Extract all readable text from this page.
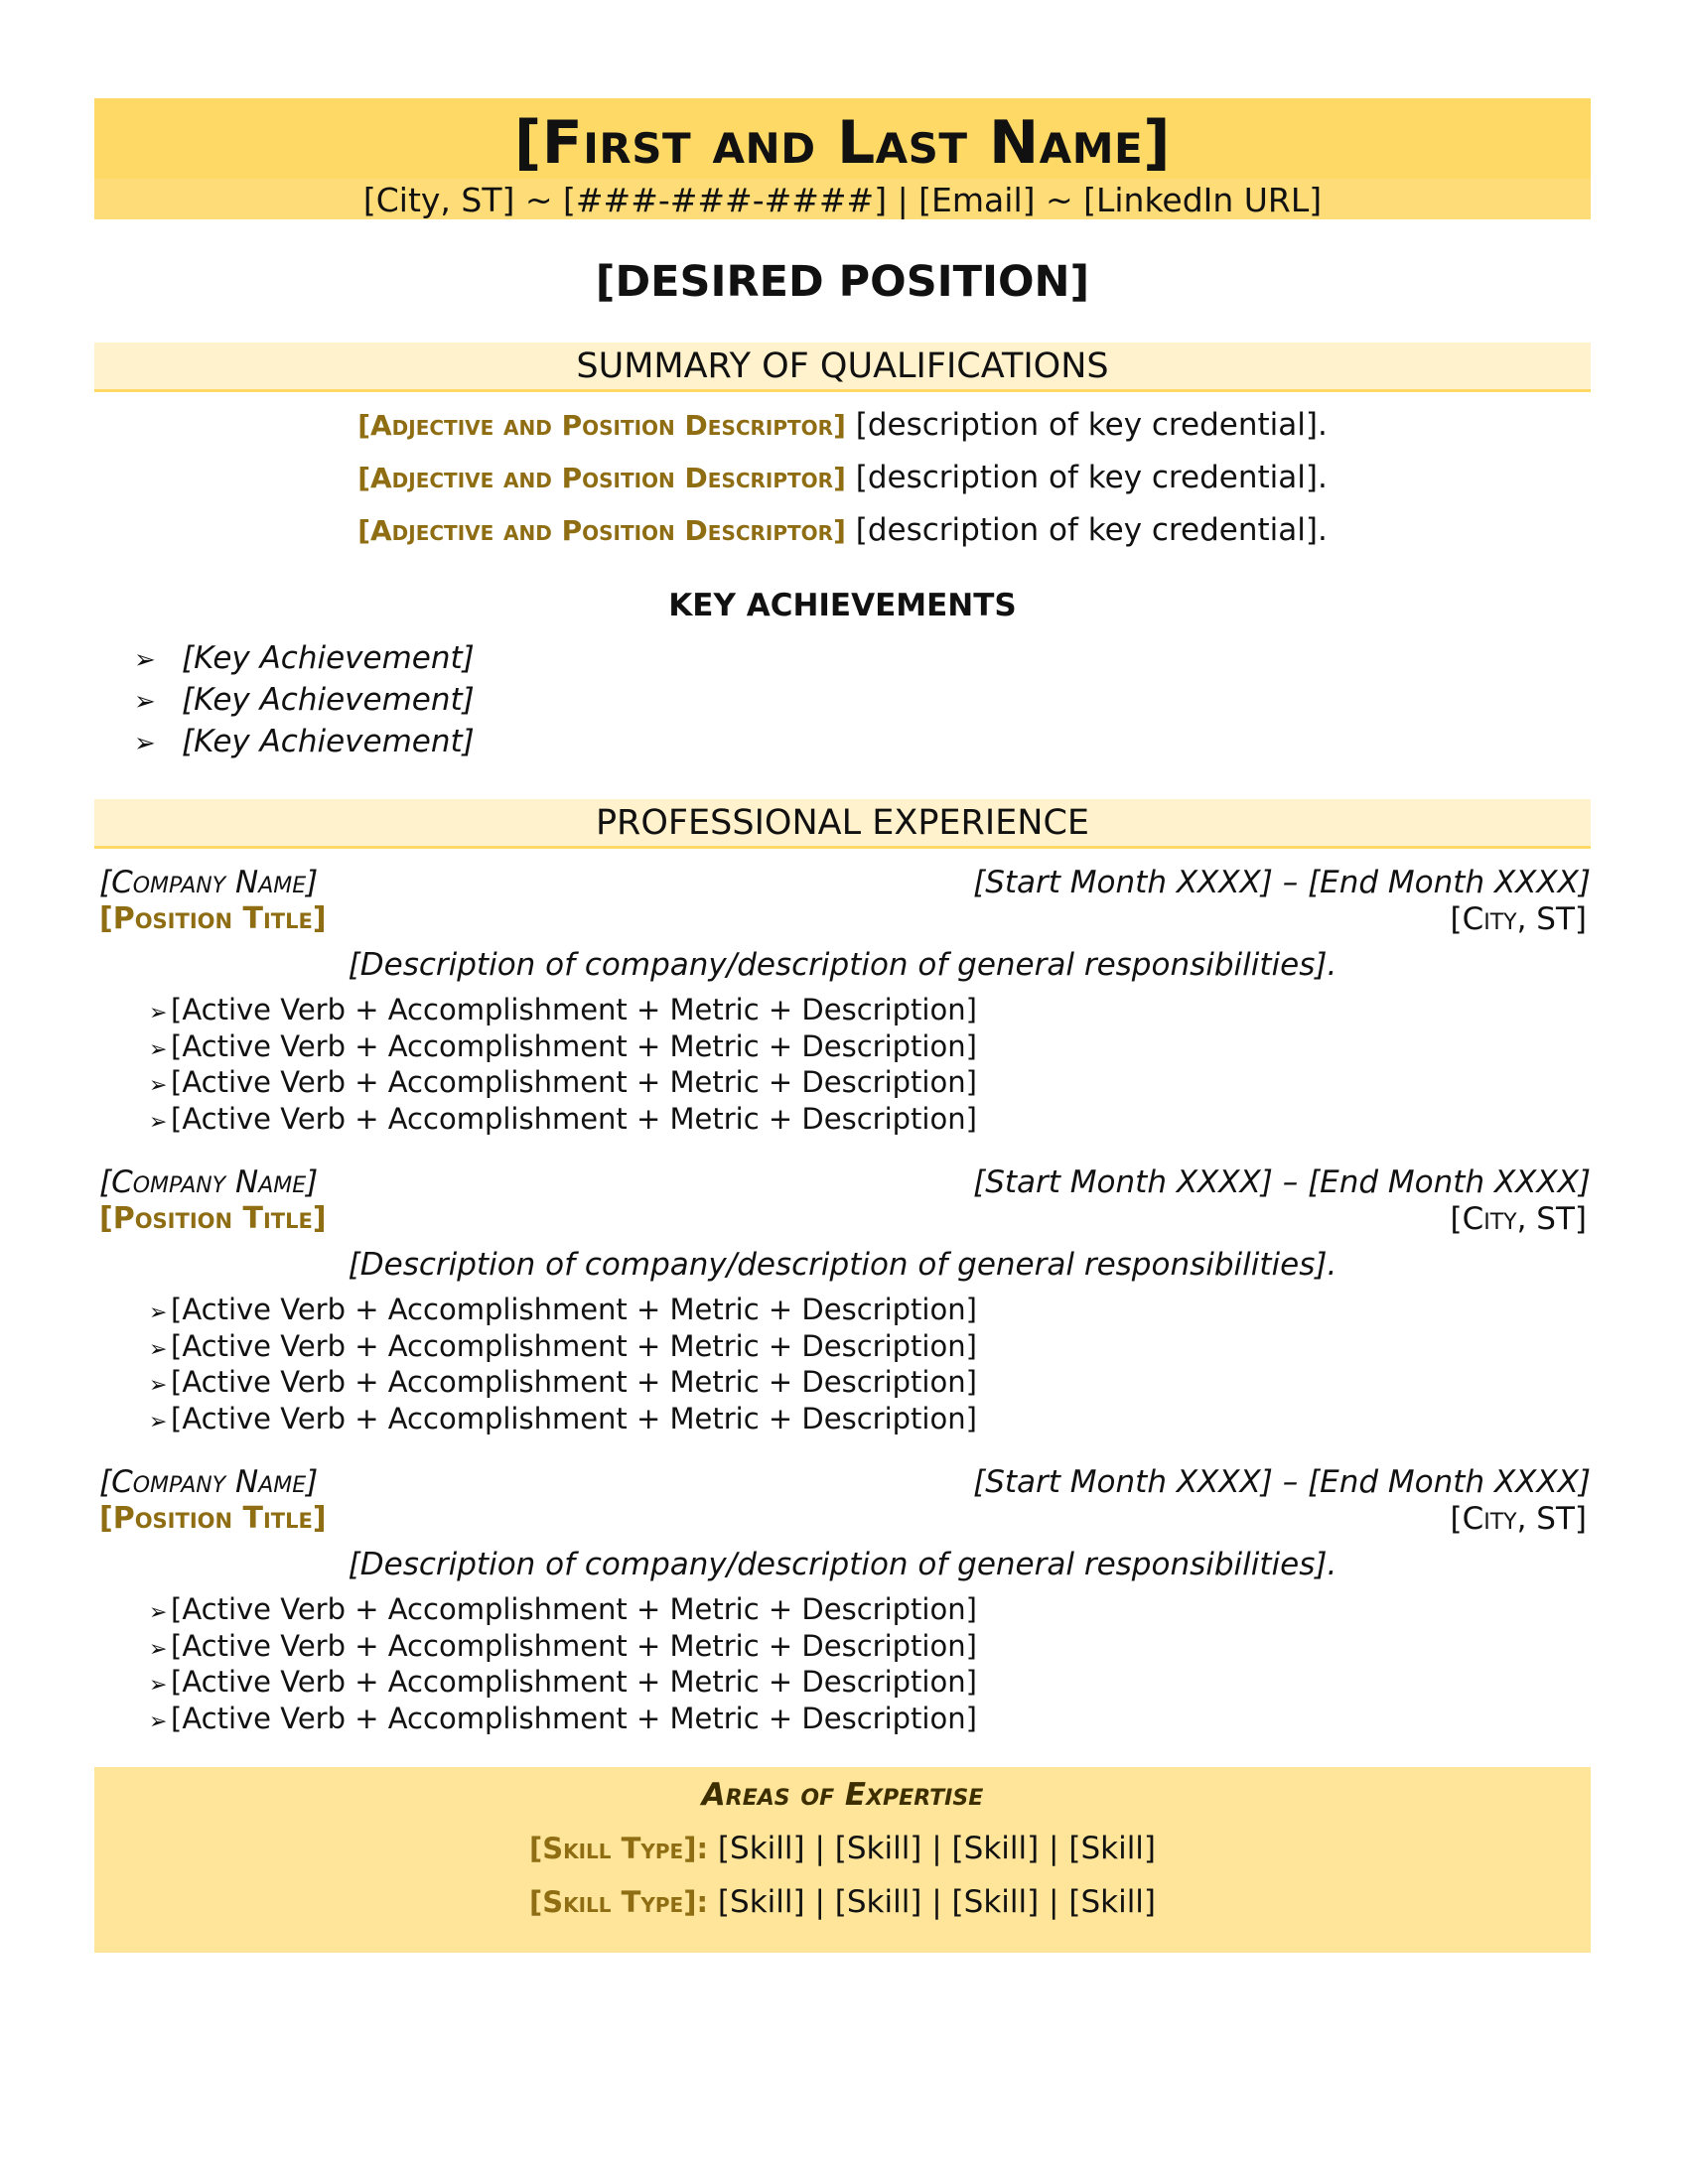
[First and Last Name]
[City, ST] ~ [###-###-####] | [Email] ~ [LinkedIn URL]
[DESIRED POSITION]
SUMMARY OF QUALIFICATIONS
[Adjective and Position Descriptor] [description of key credential].
[Adjective and Position Descriptor] [description of key credential].
[Adjective and Position Descriptor] [description of key credential].
KEY ACHIEVEMENTS
➢ [Key Achievement]
➢ [Key Achievement]
➢ [Key Achievement]
PROFESSIONAL EXPERIENCE
[Company Name]	[Start Month XXXX] – [End Month XXXX]
[Position Title]	[City, ST]
[Description of company/description of general responsibilities].
➢ [Active Verb + Accomplishment + Metric + Description]
➢ [Active Verb + Accomplishment + Metric + Description]
➢ [Active Verb + Accomplishment + Metric + Description]
➢ [Active Verb + Accomplishment + Metric + Description]
[Company Name]	[Start Month XXXX] – [End Month XXXX]
[Position Title]	[City, ST]
[Description of company/description of general responsibilities].
➢ [Active Verb + Accomplishment + Metric + Description]
➢ [Active Verb + Accomplishment + Metric + Description]
➢ [Active Verb + Accomplishment + Metric + Description]
➢ [Active Verb + Accomplishment + Metric + Description]
[Company Name]	[Start Month XXXX] – [End Month XXXX]
[Position Title]	[City, ST]
[Description of company/description of general responsibilities].
➢ [Active Verb + Accomplishment + Metric + Description]
➢ [Active Verb + Accomplishment + Metric + Description]
➢ [Active Verb + Accomplishment + Metric + Description]
➢ [Active Verb + Accomplishment + Metric + Description]
Areas of Expertise
[Skill Type]: [Skill] | [Skill] | [Skill] | [Skill]
[Skill Type]: [Skill] | [Skill] | [Skill] | [Skill]
